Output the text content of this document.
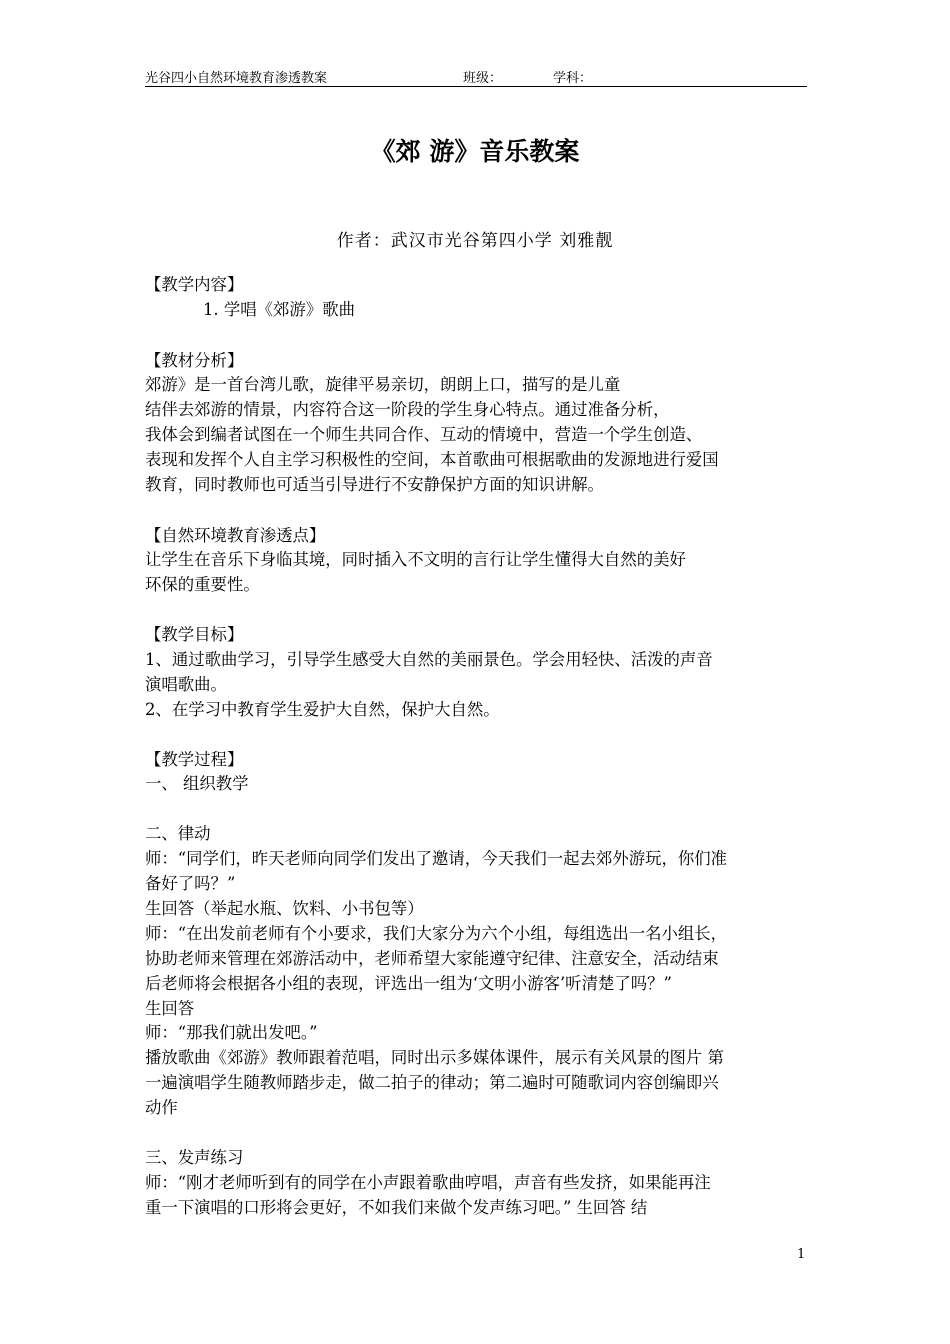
光谷四小自然环境教育渗透教案	班级：	学科：
《郊 游》音乐教案
作者：武汉市光谷第四小学 刘雅靓
【教学内容】
1. 学唱《郊游》歌曲
【教材分析】
郊游》是一首台湾儿歌，旋律平易亲切，朗朗上口，描写的是儿童
结伴去郊游的情景，内容符合这一阶段的学生身心特点。通过准备分析，
我体会到编者试图在一个师生共同合作、互动的情境中，营造一个学生创造、
表现和发挥个人自主学习积极性的空间，本首歌曲可根据歌曲的发源地进行爱国
教育，同时教师也可适当引导进行不安静保护方面的知识讲解。
【自然环境教育渗透点】
让学生在音乐下身临其境，同时插入不文明的言行让学生懂得大自然的美好
环保的重要性。
【教学目标】
1、通过歌曲学习，引导学生感受大自然的美丽景色。学会用轻快、活泼的声音
演唱歌曲。
2、在学习中教育学生爱护大自然，保护大自然。
【教学过程】
一、 组织教学
二、律动
师：“同学们，昨天老师向同学们发出了邀请，今天我们一起去郊外游玩，你们准
备好了吗？”
生回答（举起水瓶、饮料、小书包等）
师：“在出发前老师有个小要求，我们大家分为六个小组，每组选出一名小组长，
协助老师来管理在郊游活动中，老师希望大家能遵守纪律、注意安全，活动结束
后老师将会根据各小组的表现，评选出一组为‘文明小游客’听清楚了吗？”
生回答
师：“那我们就出发吧。”
播放歌曲《郊游》教师跟着范唱，同时出示多媒体课件，展示有关风景的图片 第
一遍演唱学生随教师踏步走，做二拍子的律动；第二遍时可随歌词内容创编即兴
动作
三、发声练习
师：“刚才老师听到有的同学在小声跟着歌曲哼唱，声音有些发挤，如果能再注
重一下演唱的口形将会更好，不如我们来做个发声练习吧。” 生回答 结
1
